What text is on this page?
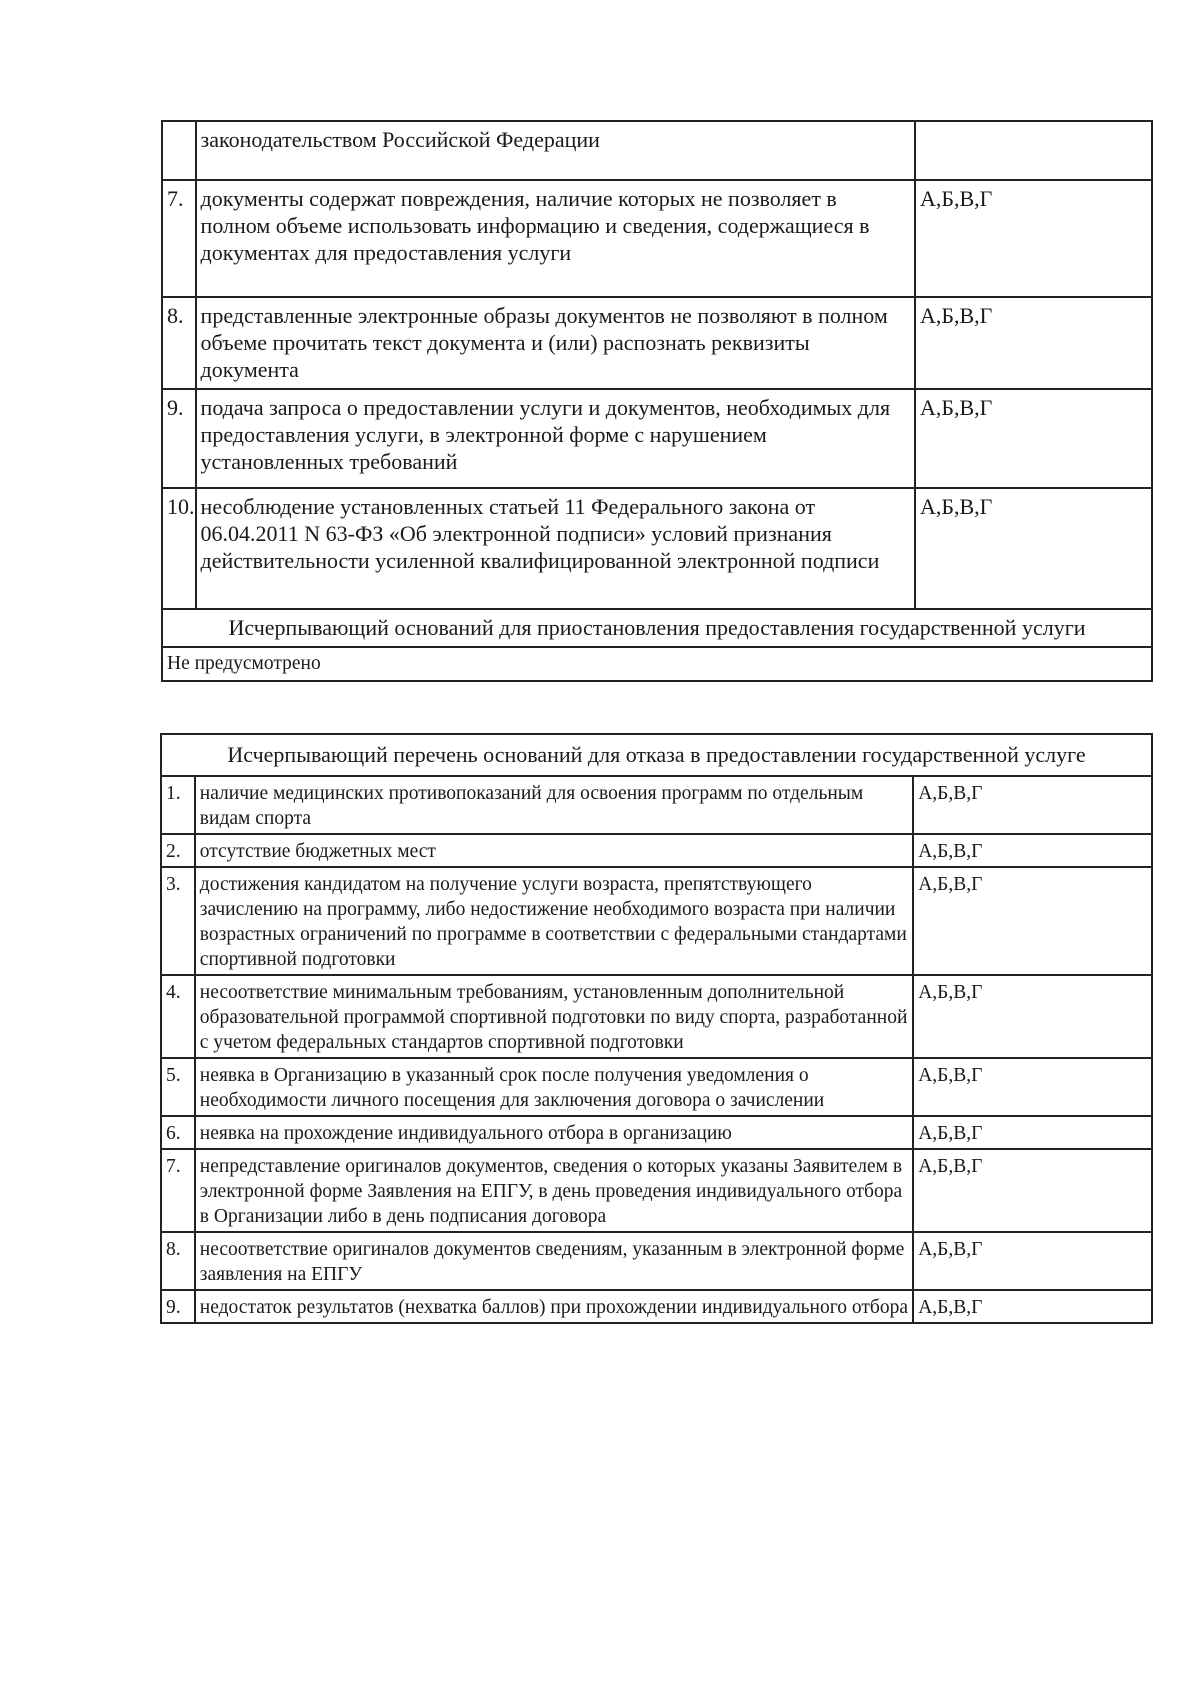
	законодательством Российской Федерации	
7.	документы содержат повреждения, наличие которых не позволяет в полном объеме использовать информацию и сведения, содержащиеся в документах для предоставления услуги	А,Б,В,Г
8.	представленные электронные образы документов не позволяют в полном объеме прочитать текст документа и (или) распознать реквизиты документа	А,Б,В,Г
9.	подача запроса о предоставлении услуги и документов, необходимых для предоставления услуги, в электронной форме с нарушением установленных требований	А,Б,В,Г
10.	несоблюдение установленных статьей 11 Федерального закона от 06.04.2011 N 63-ФЗ «Об электронной подписи» условий признания действительности усиленной квалифицированной электронной подписи	А,Б,В,Г
Исчерпывающий оснований для приостановления предоставления государственной услуги		
Не предусмотрено		
Исчерпывающий перечень оснований для отказа в предоставлении государственной услуге		
1.	наличие медицинских противопоказаний для освоения программ по отдельным видам спорта	А,Б,В,Г
2.	отсутствие бюджетных мест	А,Б,В,Г
3.	достижения кандидатом на получение услуги возраста, препятствующего зачислению на программу, либо недостижение необходимого возраста при наличии возрастных ограничений по программе в соответствии с федеральными стандартами спортивной подготовки	А,Б,В,Г
4.	несоответствие минимальным требованиям, установленным дополнительной образовательной программой спортивной подготовки по виду спорта, разработанной с учетом федеральных стандартов спортивной подготовки	А,Б,В,Г
5.	неявка в Организацию в указанный срок после получения уведомления о необходимости личного посещения для заключения договора о зачислении	А,Б,В,Г
6.	неявка на прохождение индивидуального отбора в организацию	А,Б,В,Г
7.	непредставление оригиналов документов, сведения о которых указаны Заявителем в электронной форме Заявления на ЕПГУ, в день проведения индивидуального отбора в Организации либо в день подписания договора	А,Б,В,Г
8.	несоответствие оригиналов документов сведениям, указанным в электронной форме заявления на ЕПГУ	А,Б,В,Г
9.	недостаток результатов (нехватка баллов) при прохождении индивидуального отбора	А,Б,В,Г
